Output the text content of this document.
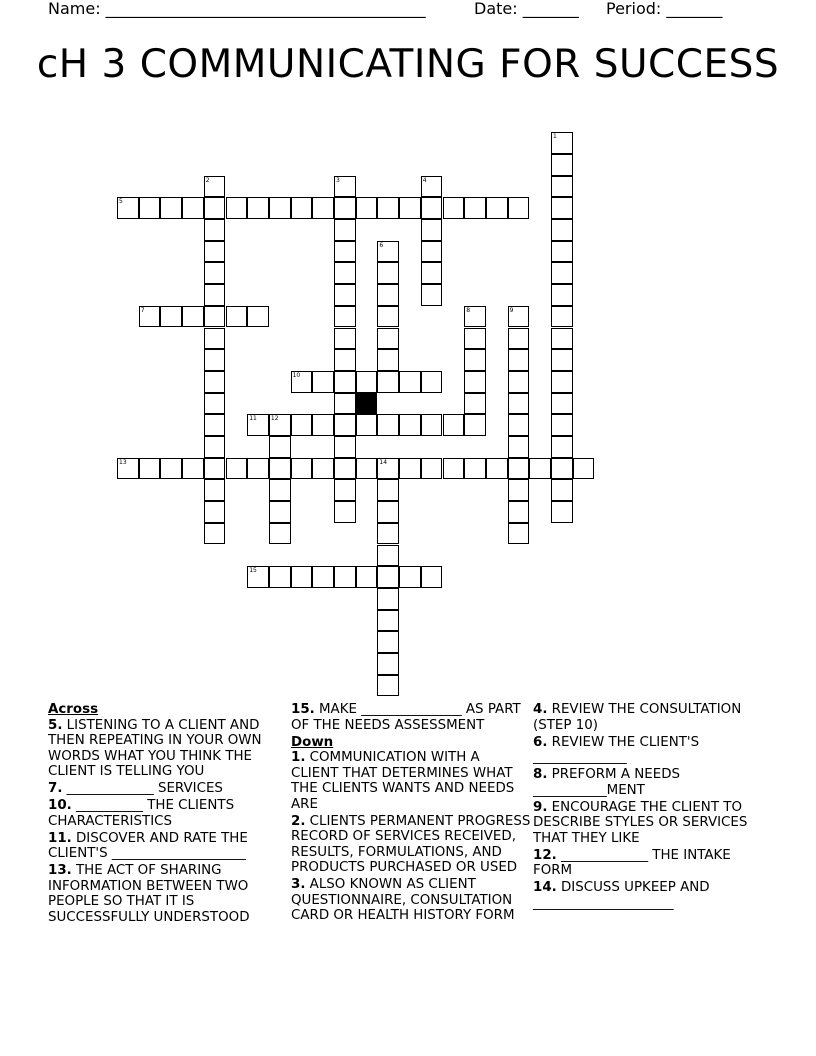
Name: ________________________________________	Date: _______ Period: _______
cH 3 COMMUNICATING FOR SUCCESS
5
7
10
11 12
13	14
15
1
2	3	4
6
8	9
Across
5. LISTENING TO A CLIENT AND THEN REPEATING IN YOUR OWN WORDS WHAT YOU THINK THE CLIENT IS TELLING YOU
7. _____________ SERVICES
10. __________ THE CLIENTS CHARACTERISTICS
11. DISCOVER AND RATE THE CLIENT'S ____________________
13. THE ACT OF SHARING INFORMATION BETWEEN TWO PEOPLE SO THAT IT IS SUCCESSFULLY UNDERSTOOD
15. MAKE _______________ AS PART OF THE NEEDS ASSESSMENT
Down
1. COMMUNICATION WITH A CLIENT THAT DETERMINES WHAT THE CLIENTS WANTS AND NEEDS ARE
2. CLIENTS PERMANENT PROGRESS RECORD OF SERVICES RECEIVED, RESULTS, FORMULATIONS, AND PRODUCTS PURCHASED OR USED
3. ALSO KNOWN AS CLIENT QUESTIONNAIRE, CONSULTATION CARD OR HEALTH HISTORY FORM
4. REVIEW THE CONSULTATION (STEP 10)
6. REVIEW THE CLIENT'S ______________
8. PREFORM A NEEDS ___________MENT
9. ENCOURAGE THE CLIENT TO DESCRIBE STYLES OR SERVICES THAT THEY LIKE
12. _____________ THE INTAKE FORM
14. DISCUSS UPKEEP AND _____________________
